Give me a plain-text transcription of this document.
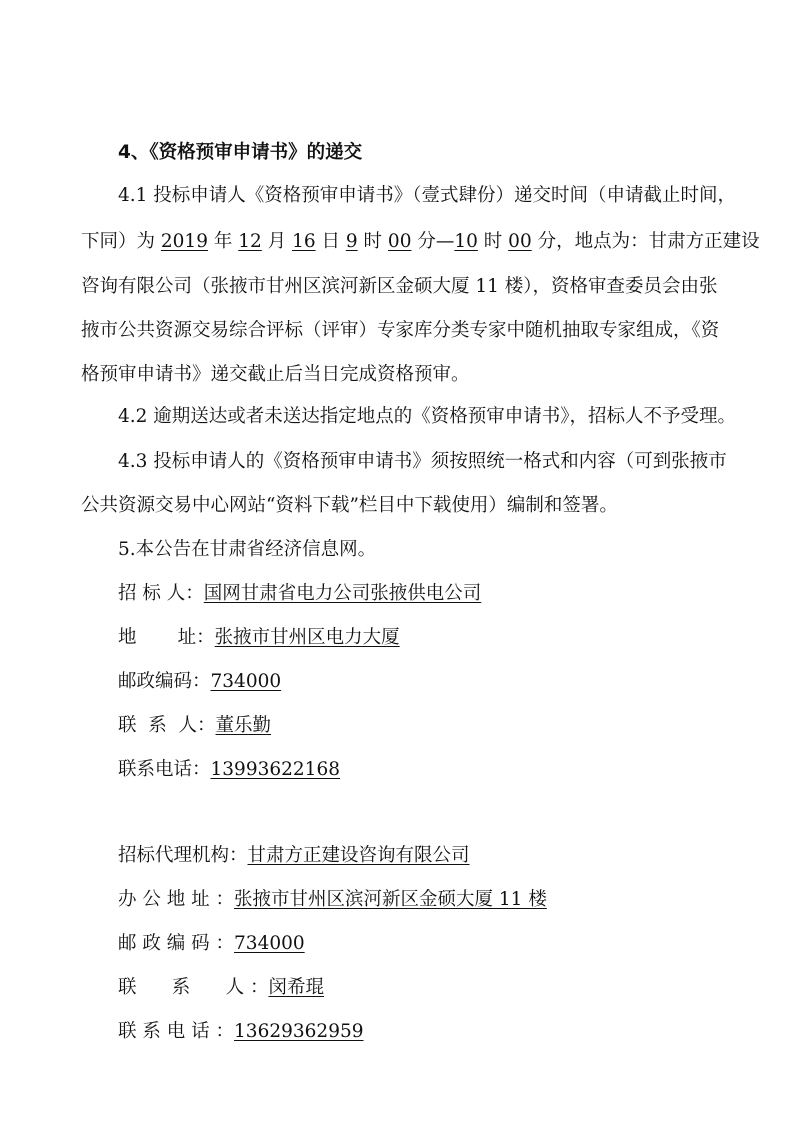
4、《资格预审申请书》的递交
4.1 投标申请人《资格预审申请书》（壹式肆份）递交时间（申请截止时间，
下同）为 2019 年 12 月 16 日 9 时 00 分—10 时 00 分，地点为：甘肃方正建设
咨询有限公司（张掖市甘州区滨河新区金硕大厦 11 楼），资格审查委员会由张
掖市公共资源交易综合评标（评审）专家库分类专家中随机抽取专家组成，《资
格预审申请书》递交截止后当日完成资格预审。
4.2 逾期送达或者未送达指定地点的《资格预审申请书》，招标人不予受理。
4.3 投标申请人的《资格预审申请书》须按照统一格式和内容（可到张掖市
公共资源交易中心网站“资料下载”栏目中下载使用）编制和签署。
5.本公告在甘肃省经济信息网。
招 标 人：国网甘肃省电力公司张掖供电公司
地       址：张掖市甘州区电力大厦
邮政编码：734000
联  系  人：董乐勤
联系电话：13993622168
招标代理机构：甘肃方正建设咨询有限公司
办 公 地 址 ：张掖市甘州区滨河新区金硕大厦 11 楼
邮 政 编 码 ：734000
联      系      人 ：闵希琨
联 系 电 话 ：13629362959
